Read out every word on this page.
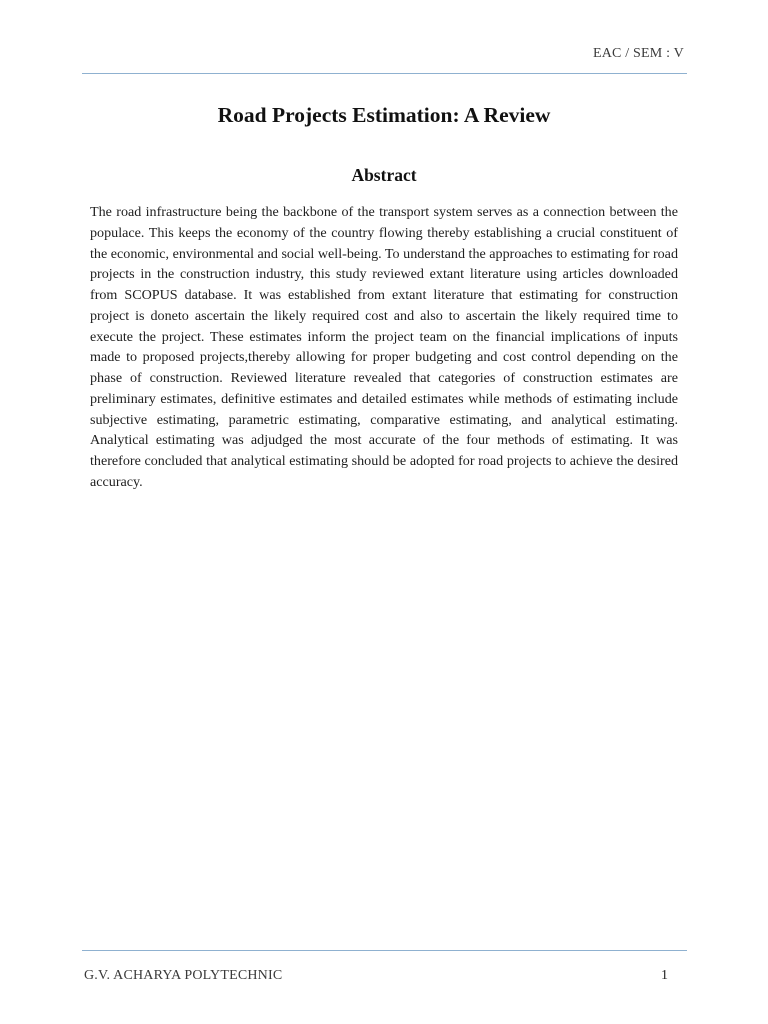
EAC / SEM : V
Road Projects Estimation: A Review
Abstract

The road infrastructure being the backbone of the transport system serves as a connection between the populace. This keeps the economy of the country flowing thereby establishing a crucial constituent of the economic, environmental and social well-being. To understand the approaches to estimating for road projects in the construction industry, this study reviewed extant literature using articles downloaded from SCOPUS database. It was established from extant literature that estimating for construction project is doneto ascertain the likely required cost and also to ascertain the likely required time to execute the project. These estimates inform the project team on the financial implications of inputs made to proposed projects,thereby allowing for proper budgeting and cost control depending on the phase of construction. Reviewed literature revealed that categories of construction estimates are preliminary estimates, definitive estimates and detailed estimates while methods of estimating include subjective estimating, parametric estimating, comparative estimating, and analytical estimating. Analytical estimating was adjudged the most accurate of the four methods of estimating. It was therefore concluded that analytical estimating should be adopted for road projects to achieve the desired accuracy.

G.V. ACHARYA POLYTECHNIC	1
